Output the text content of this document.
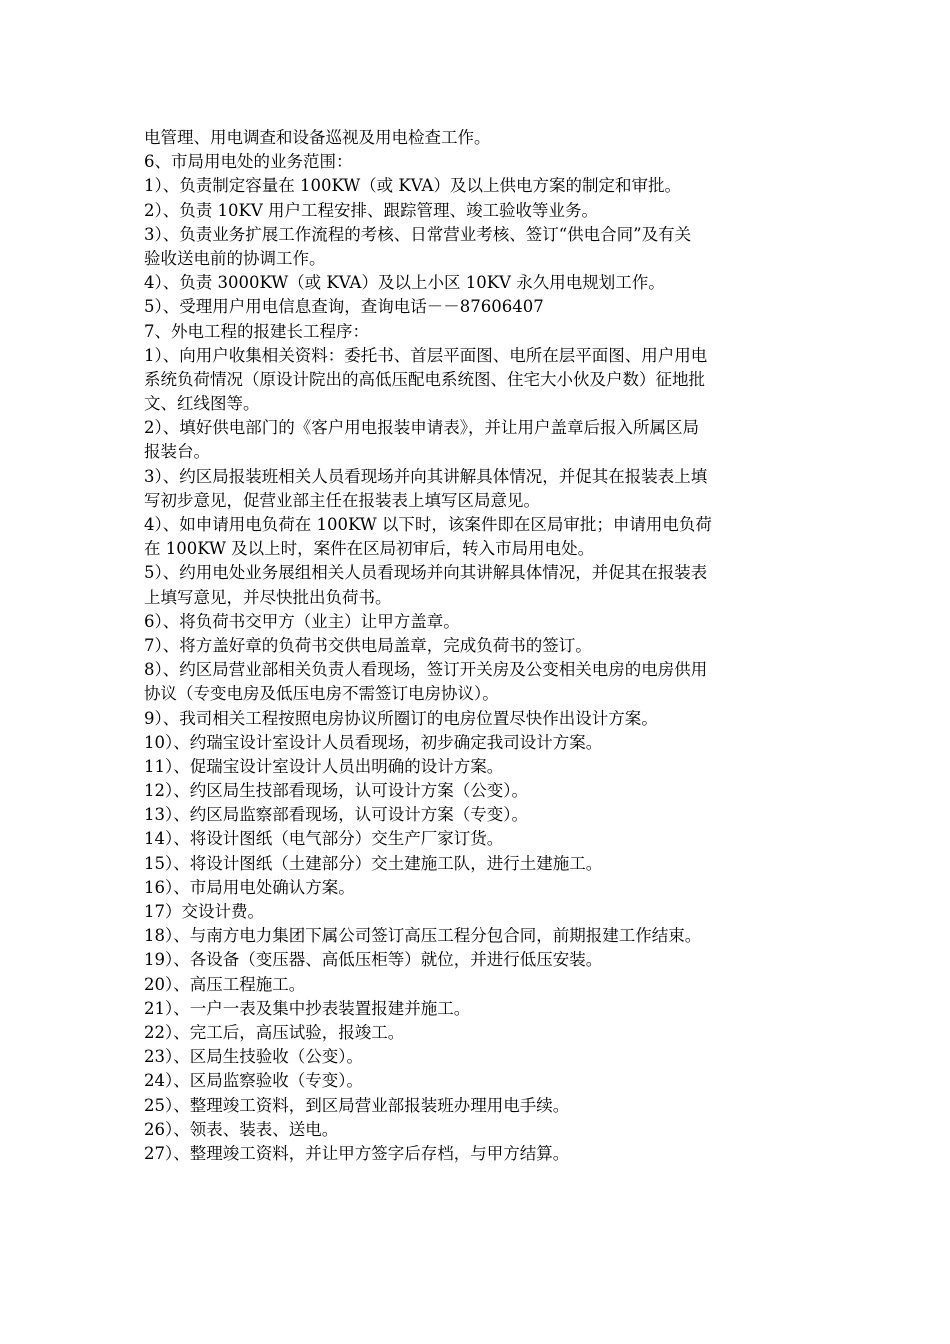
电管理、用电调查和设备巡视及用电检查工作。
6、市局用电处的业务范围：
1）、负责制定容量在 100KW（或 KVA）及以上供电方案的制定和审批。
2）、负责 10KV 用户工程安排、跟踪管理、竣工验收等业务。
3）、负责业务扩展工作流程的考核、日常营业考核、签订“供电合同”及有关
验收送电前的协调工作。
4）、负责 3000KW（或 KVA）及以上小区 10KV 永久用电规划工作。
5）、受理用户用电信息查询，查询电话－－87606407
7、外电工程的报建长工程序：
1）、向用户收集相关资料：委托书、首层平面图、电所在层平面图、用户用电
系统负荷情况（原设计院出的高低压配电系统图、住宅大小伙及户数）征地批
文、红线图等。
2）、填好供电部门的《客户用电报装申请表》，并让用户盖章后报入所属区局
报装台。
3）、约区局报装班相关人员看现场并向其讲解具体情况，并促其在报装表上填
写初步意见，促营业部主任在报装表上填写区局意见。
4）、如申请用电负荷在 100KW 以下时，该案件即在区局审批；申请用电负荷
在 100KW 及以上时，案件在区局初审后，转入市局用电处。
5）、约用电处业务展组相关人员看现场并向其讲解具体情况，并促其在报装表
上填写意见，并尽快批出负荷书。
6）、将负荷书交甲方（业主）让甲方盖章。
7）、将方盖好章的负荷书交供电局盖章，完成负荷书的签订。
8）、约区局营业部相关负责人看现场，签订开关房及公变相关电房的电房供用
协议（专变电房及低压电房不需签订电房协议）。
9）、我司相关工程按照电房协议所圈订的电房位置尽快作出设计方案。
10）、约瑞宝设计室设计人员看现场，初步确定我司设计方案。
11）、促瑞宝设计室设计人员出明确的设计方案。
12）、约区局生技部看现场，认可设计方案（公变）。
13）、约区局监察部看现场，认可设计方案（专变）。
14）、将设计图纸（电气部分）交生产厂家订货。
15）、将设计图纸（土建部分）交土建施工队，进行土建施工。
16）、市局用电处确认方案。
17）交设计费。
18）、与南方电力集团下属公司签订高压工程分包合同，前期报建工作结束。
19）、各设备（变压器、高低压柜等）就位，并进行低压安装。
20）、高压工程施工。
21）、一户一表及集中抄表装置报建并施工。
22）、完工后，高压试验，报竣工。
23）、区局生技验收（公变）。
24）、区局监察验收（专变）。
25）、整理竣工资料，到区局营业部报装班办理用电手续。
26）、领表、装表、送电。
27）、整理竣工资料，并让甲方签字后存档，与甲方结算。
